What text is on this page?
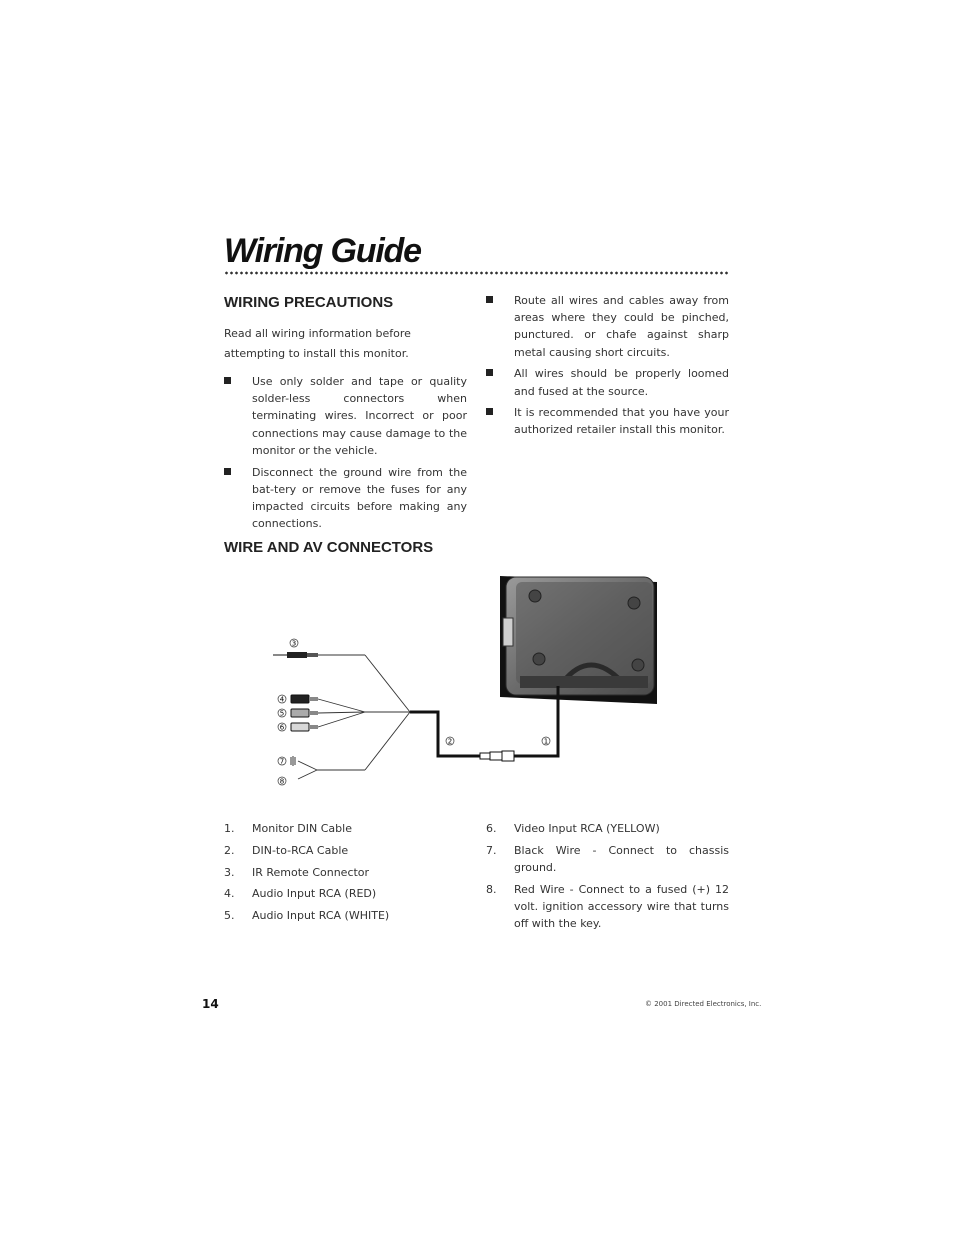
Wiring Guide
WIRING PRECAUTIONS

Read all wiring information before attempting to install this monitor.

Use only solder and tape or quality solder-less connectors when terminating wires. Incorrect or poor connections may cause damage to the monitor or the vehicle.
Disconnect the ground wire from the bat-tery or remove the fuses for any impacted circuits before making any connections.
Route all wires and cables away from areas where they could be pinched, punctured. or chafe against sharp metal causing short circuits.
All wires should be properly loomed and fused at the source.
It is recommended that you have your authorized retailer install this monitor.
WIRE AND AV CONNECTORS
1
2
3
4
5
6
7
8
1. Monitor DIN Cable
2. DIN-to-RCA Cable
3. IR Remote Connector
4. Audio Input RCA (RED)
5. Audio Input RCA (WHITE)
6. Video Input RCA (YELLOW)
7. Black Wire - Connect to chassis ground.
8. Red Wire - Connect to a fused (+) 12 volt. ignition accessory wire that turns off with the key.
14	© 2001 Directed Electronics, Inc.
